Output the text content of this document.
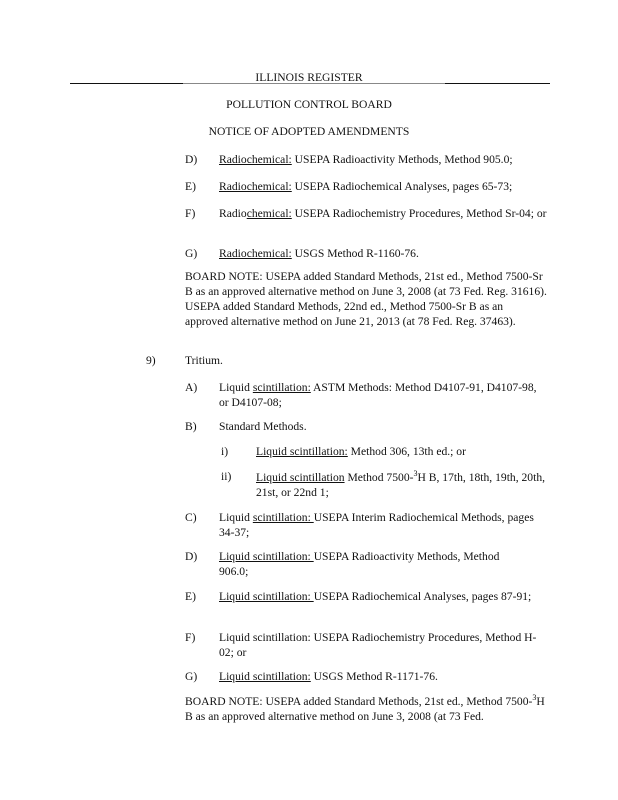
ILLINOIS REGISTER

POLLUTION CONTROL BOARD

NOTICE OF ADOPTED AMENDMENTS

D) Radiochemical: USEPA Radioactivity Methods, Method 905.0;

E) Radiochemical: USEPA Radiochemical Analyses, pages 65-73;

F) Radiochemical: USEPA Radiochemistry Procedures, Method Sr-04; or

G) Radiochemical: USGS Method R-1160-76.

BOARD NOTE: USEPA added Standard Methods, 21st ed., Method 7500-Sr B as an approved alternative method on June 3, 2008 (at 73 Fed. Reg. 31616). USEPA added Standard Methods, 22nd ed., Method 7500-Sr B as an approved alternative method on June 21, 2013 (at 78 Fed. Reg. 37463).

9)	Tritium.

A) Liquid scintillation: ASTM Methods: Method D4107-91, D4107-98, or D4107-08;

B) Standard Methods.

i) Liquid scintillation: Method 306, 13th ed.; or

ii) Liquid scintillation Method 7500-$^3$H B, 17th, 18th, 19th, 20th, 21st, or 22nd 1;

C) Liquid scintillation: USEPA Interim Radiochemical Methods, pages 34-37;

D) Liquid scintillation: USEPA Radioactivity Methods, Method 906.0;

E) Liquid scintillation: USEPA Radiochemical Analyses, pages 87-91;

F) Liquid scintillation: USEPA Radiochemistry Procedures, Method H-02; or

G) Liquid scintillation: USGS Method R-1171-76.

BOARD NOTE: USEPA added Standard Methods, 21st ed., Method 7500-$^3$H B as an approved alternative method on June 3, 2008 (at 73 Fed.
